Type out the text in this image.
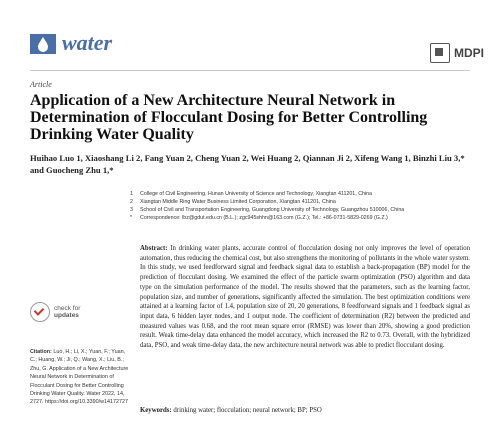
water	MDPI
Article
Application of a New Architecture Neural Network in Determination of Flocculant Dosing for Better Controlling Drinking Water Quality
Huihao Luo 1, Xiaoshang Li 2, Fang Yuan 2, Cheng Yuan 2, Wei Huang 2, Qiannan Ji 2, Xifeng Wang 1, Binzhi Liu 3,* and Guocheng Zhu 1,*
1	College of Civil Engineering, Hunan University of Science and Technology, Xiangtan 411201, China
2	Xiangtan Middle Ring Water Business Limited Corporation, Xiangtan 411201, China
3	School of Civil and Transportation Engineering, Guangdong University of Technology, Guangzhou 510006, China
*	Correspondence: lbz@gdut.edu.cn (B.L.); zgc945shhn@163.com (G.Z.); Tel.: +86-0731-5829-0269 (G.Z.)
check for
updates
Citation: Luo, H.; Li, X.; Yuan, F.; Yuan, C.; Huang, W.; Ji, Q.; Wang, X.; Liu, B.; Zhu, G. Application of a New Architecture Neural Network in Determination of Flocculant Dosing for Better Controlling Drinking Water Quality. Water 2022, 14, 2727. https://doi.org/10.3390/w14172727
Abstract: In drinking water plants, accurate control of flocculation dosing not only improves the level of operation automation, thus reducing the chemical cost, but also strengthens the monitoring of pollutants in the whole water system. In this study, we used feedforward signal and feedback signal data to establish a back-propagation (BP) model for the prediction of flocculant dosing. We examined the effect of the particle swarm optimization (PSO) algorithm and data type on the simulation performance of the model. The results showed that the parameters, such as the learning factor, population size, and number of generations, significantly affected the simulation. The best optimization conditions were attained at a learning factor of 1.4, population size of 20, 20 generations, 8 feedforward signals and 1 feedback signal as input data, 6 hidden layer nodes, and 1 output node. The coefficient of determination (R2) between the predicted and measured values was 0.68, and the root mean square error (RMSE) was lower than 20%, showing a good prediction result. Weak time-delay data enhanced the model accuracy, which increased the R2 to 0.73. Overall, with the hybridized data, PSO, and weak time-delay data, the new architecture neural network was able to predict flocculant dosing.
Keywords: drinking water; flocculation; neural network; BP; PSO
